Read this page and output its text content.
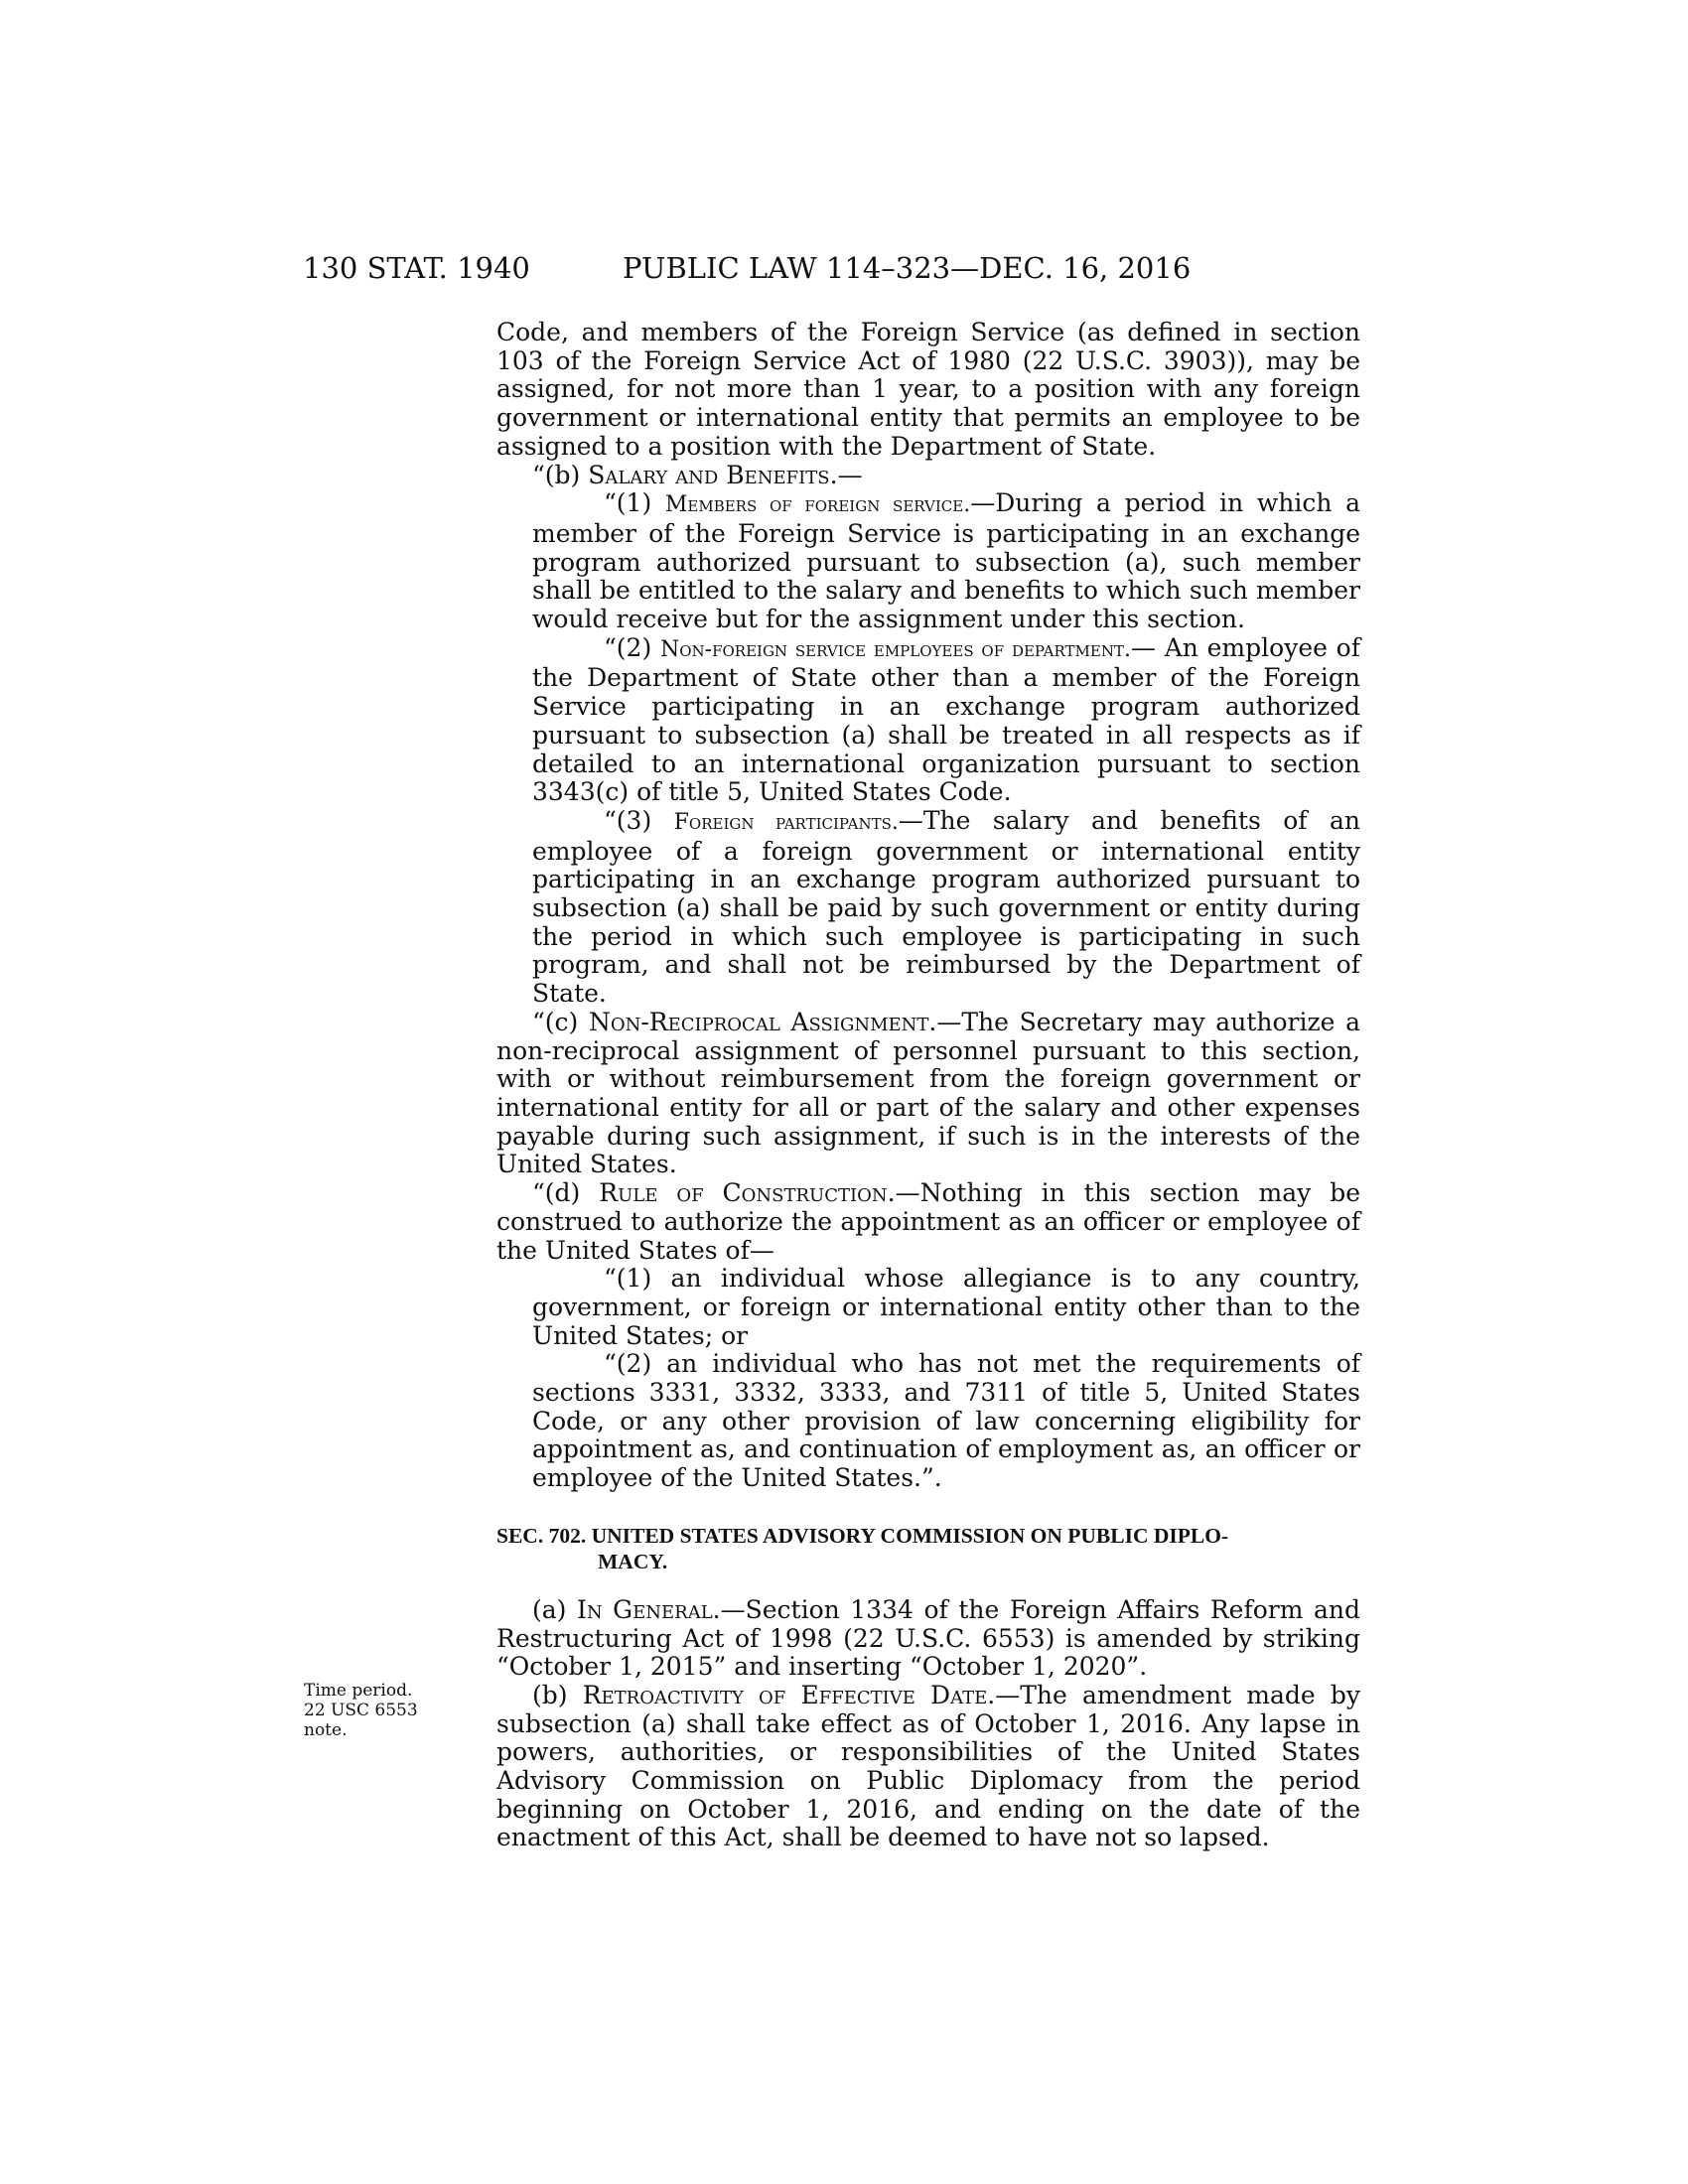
130 STAT. 1940	PUBLIC LAW 114–323—DEC. 16, 2016

Code, and members of the Foreign Service (as defined in section 103 of the Foreign Service Act of 1980 (22 U.S.C. 3903)), may be assigned, for not more than 1 year, to a position with any foreign government or international entity that permits an employee to be assigned to a position with the Department of State.

“(b) Salary and Benefits.—

“(1) Members of foreign service.—During a period in which a member of the Foreign Service is participating in an exchange program authorized pursuant to subsection (a), such member shall be entitled to the salary and benefits to which such member would receive but for the assignment under this section.

“(2) Non-foreign service employees of department.— An employee of the Department of State other than a member of the Foreign Service participating in an exchange program authorized pursuant to subsection (a) shall be treated in all respects as if detailed to an international organization pursuant to section 3343(c) of title 5, United States Code.

“(3) Foreign participants.—The salary and benefits of an employee of a foreign government or international entity participating in an exchange program authorized pursuant to subsection (a) shall be paid by such government or entity during the period in which such employee is participating in such program, and shall not be reimbursed by the Department of State.

“(c) Non-Reciprocal Assignment.—The Secretary may authorize a non-reciprocal assignment of personnel pursuant to this section, with or without reimbursement from the foreign government or international entity for all or part of the salary and other expenses payable during such assignment, if such is in the interests of the United States.

“(d) Rule of Construction.—Nothing in this section may be construed to authorize the appointment as an officer or employee of the United States of—

“(1) an individual whose allegiance is to any country, government, or foreign or international entity other than to the United States; or

“(2) an individual who has not met the requirements of sections 3331, 3332, 3333, and 7311 of title 5, United States Code, or any other provision of law concerning eligibility for appointment as, and continuation of employment as, an officer or employee of the United States.”.

SEC. 702. UNITED STATES ADVISORY COMMISSION ON PUBLIC DIPLO-
MACY.

(a) In General.—Section 1334 of the Foreign Affairs Reform and Restructuring Act of 1998 (22 U.S.C. 6553) is amended by striking “October 1, 2015” and inserting “October 1, 2020”.

(b) Retroactivity of Effective Date.—The amendment made by subsection (a) shall take effect as of October 1, 2016. Any lapse in powers, authorities, or responsibilities of the United States Advisory Commission on Public Diplomacy from the period beginning on October 1, 2016, and ending on the date of the enactment of this Act, shall be deemed to have not so lapsed.

Time period.
22 USC 6553
note.
